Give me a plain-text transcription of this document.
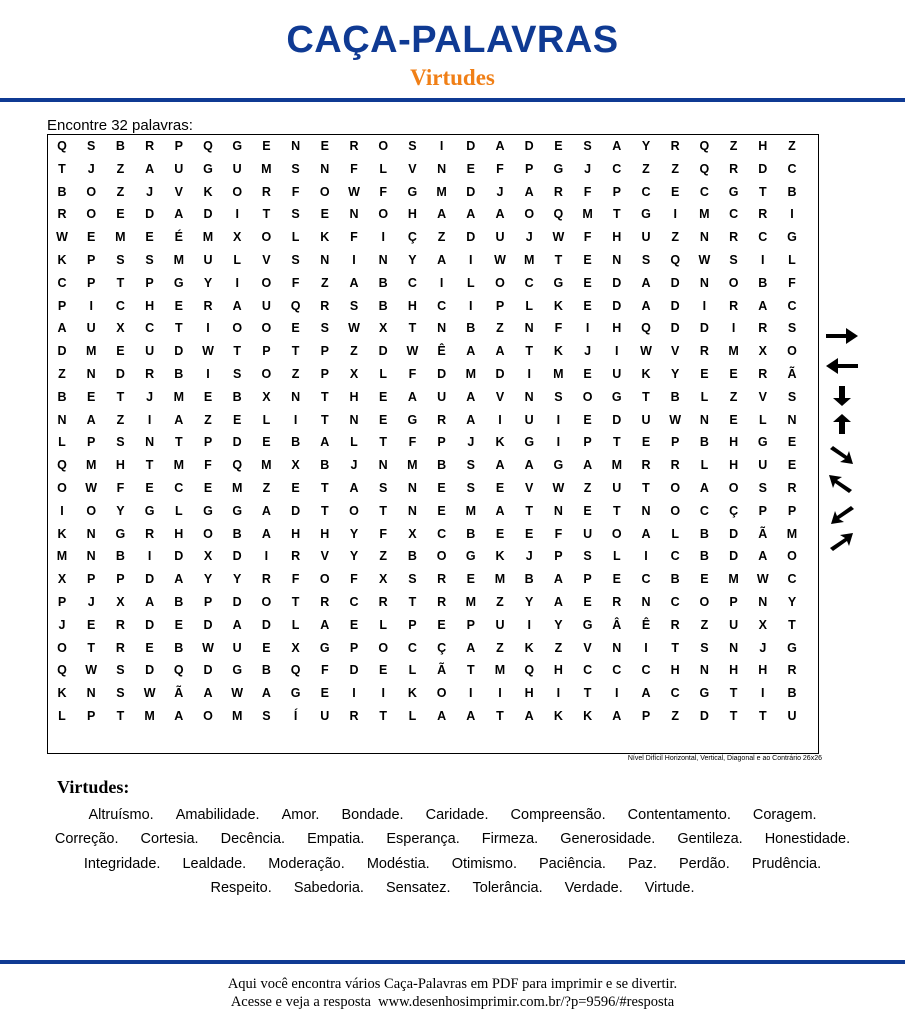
CAÇA-PALAVRAS
Virtudes
Encontre 32 palavras:
Q	S	B	R	P	Q	G	E	N	E	R	O	S	I	D	A	D	E	S	A	Y	R	Q	Z	H	Z
T	J	Z	A	U	G	U	M	S	N	F	L	V	N	E	F	P	G	J	C	Z	Z	Q	R	D	C
B	O	Z	J	V	K	O	R	F	O	W	F	G	M	D	J	A	R	F	P	C	E	C	G	T	B
R	O	E	D	A	D	I	T	S	E	N	O	H	A	A	A	O	Q	M	T	G	I	M	C	R	I
W	E	M	E	É	M	X	O	L	K	F	I	Ç	Z	D	U	J	W	F	H	U	Z	N	R	C	G
K	P	S	S	M	U	L	V	S	N	I	N	Y	A	I	W	M	T	E	N	S	Q	W	S	I	L
C	P	T	P	G	Y	I	O	F	Z	A	B	C	I	L	O	C	G	E	D	A	D	N	O	B	F
P	I	C	H	E	R	A	U	Q	R	S	B	H	C	I	P	L	K	E	D	A	D	I	R	A	C
A	U	X	C	T	I	O	O	E	S	W	X	T	N	B	Z	N	F	I	H	Q	D	D	I	R	S
D	M	E	U	D	W	T	P	T	P	Z	D	W	Ê	A	A	T	K	J	I	W	V	R	M	X	O
Z	N	D	R	B	I	S	O	Z	P	X	L	F	D	M	D	I	M	E	U	K	Y	E	E	R	Ã
B	E	T	J	M	E	B	X	N	T	H	E	A	U	A	V	N	S	O	G	T	B	L	Z	V	S
N	A	Z	I	A	Z	E	L	I	T	N	E	G	R	A	I	U	I	E	D	U	W	N	E	L	N
L	P	S	N	T	P	D	E	B	A	L	T	F	P	J	K	G	I	P	T	E	P	B	H	G	E
Q	M	H	T	M	F	Q	M	X	B	J	N	M	B	S	A	A	G	A	M	R	R	L	H	U	E
O	W	F	E	C	E	M	Z	E	T	A	S	N	E	S	E	V	W	Z	U	T	O	A	O	S	R
I	O	Y	G	L	G	G	A	D	T	O	T	N	E	M	A	T	N	E	T	N	O	C	Ç	P	P
K	N	G	R	H	O	B	A	H	H	Y	F	X	C	B	E	E	F	U	O	A	L	B	D	Ã	M
M	N	B	I	D	X	D	I	R	V	Y	Z	B	O	G	K	J	P	S	L	I	C	B	D	A	O
X	P	P	D	A	Y	Y	R	F	O	F	X	S	R	E	M	B	A	P	E	C	B	E	M	W	C
P	J	X	A	B	P	D	O	T	R	C	R	T	R	M	Z	Y	A	E	R	N	C	O	P	N	Y
J	E	R	D	E	D	A	D	L	A	E	L	P	E	P	U	I	Y	G	Â	Ê	R	Z	U	X	T
O	T	R	E	B	W	U	E	X	G	P	O	C	Ç	A	Z	K	Z	V	N	I	T	S	N	J	G
Q	W	S	D	Q	D	G	B	Q	F	D	E	L	Ã	T	M	Q	H	C	C	C	H	N	H	H	R
K	N	S	W	Ã	A	W	A	G	E	I	I	K	O	I	I	H	I	T	I	A	C	G	T	I	B
L	P	T	M	A	O	M	S	Í	U	R	T	L	A	A	T	A	K	K	A	P	Z	D	T	T	U
Nível Difícil Horizontal, Vertical, Diagonal e ao Contrário 26x26
Virtudes:
Altruísmo. Amabilidade. Amor. Bondade. Caridade. Compreensão. Contentamento. Coragem. Correção. Cortesia. Decência. Empatia. Esperança. Firmeza. Generosidade. Gentileza. Honestidade. Integridade. Lealdade. Moderação. Modéstia. Otimismo. Paciência. Paz. Perdão. Prudência. Respeito. Sabedoria. Sensatez. Tolerância. Verdade. Virtude.
Aqui você encontra vários Caça-Palavras em PDF para imprimir e se divertir.
Acesse e veja a resposta  www.desenhosimprimir.com.br/?p=9596/#resposta
